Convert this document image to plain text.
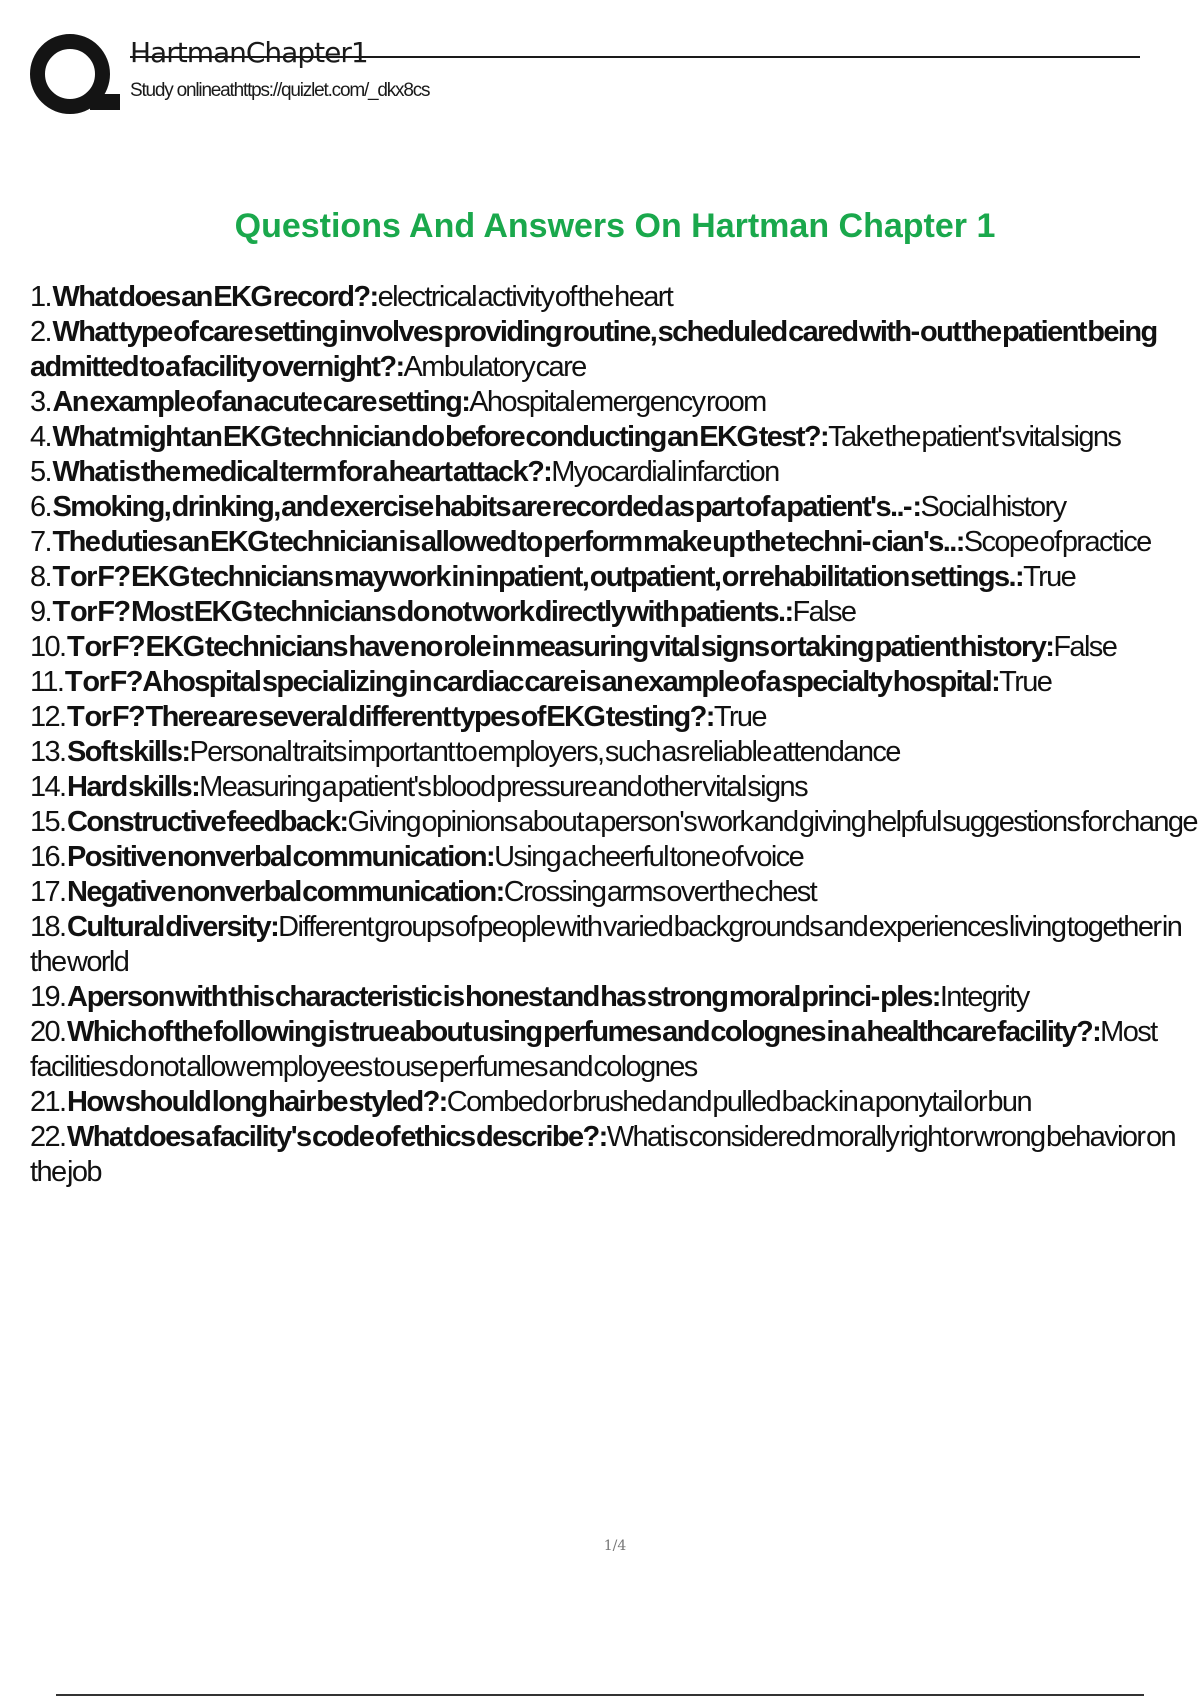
HartmanChapter1
Study onlineathttps://quizlet.com/_dkx8cs
Questions And Answers On Hartman Chapter 1

1. What does an EKG record?:electrical activity of the heart

2. What type of care setting involves providing routine, scheduled cared with- out the patient being admitted to a facility overnight?:Ambulatory care

3. An example of an acute care setting:A hospital emergency room

4. What might an EKG technician do before conducting an EKG test?:Take the patient's vital signs

5. What is the medical term for a heart attack?:Myocardial infarction

6. Smoking, drinking, and exercise habits are recorded as part of a patient's..- :Social history

7. The duties an EKG technician is allowed to perform make up the techni- cian's..:Scope of practice

8. T or F? EKG technicians may work in inpatient, outpatient, or rehabilitation settings.:True

9. T or F? Most EKG technicians do not work directly with patients.:False

10. T or F? EKG technicians have no role in measuring vital signs or taking patient history:False

11. T or F? A hospital specializing in cardiac care is an example of a specialty hospital:True

12. T or F? There are several different types of EKG testing?:True

13. Soft skills:Personal traits important to employers, such as reliable attendance

14. Hard skills:Measuring a patient's blood pressure and other vital signs

15. Constructive feedback:Giving opinions about a person's work and giving helpful suggestions for change

16. Positive nonverbal communication:Using a cheerful tone of voice

17. Negative nonverbal communication:Crossing arms over the chest

18. Cultural diversity:Different groups of people with varied backgrounds and experiences living together in the world

19. A person with this characteristic is honest and has strong moral princi- ples:Integrity

20. Which of the following is true about using perfumes and colognes in a healthcare facility?:Most facilities do not allow employees to use perfumes and colognes

21. How should long hair be styled?:Combed or brushed and pulled back in a ponytail or bun

22. What does a facility's code of ethics describe?:What is considered morally right or wrong behavior on the job

1/4
